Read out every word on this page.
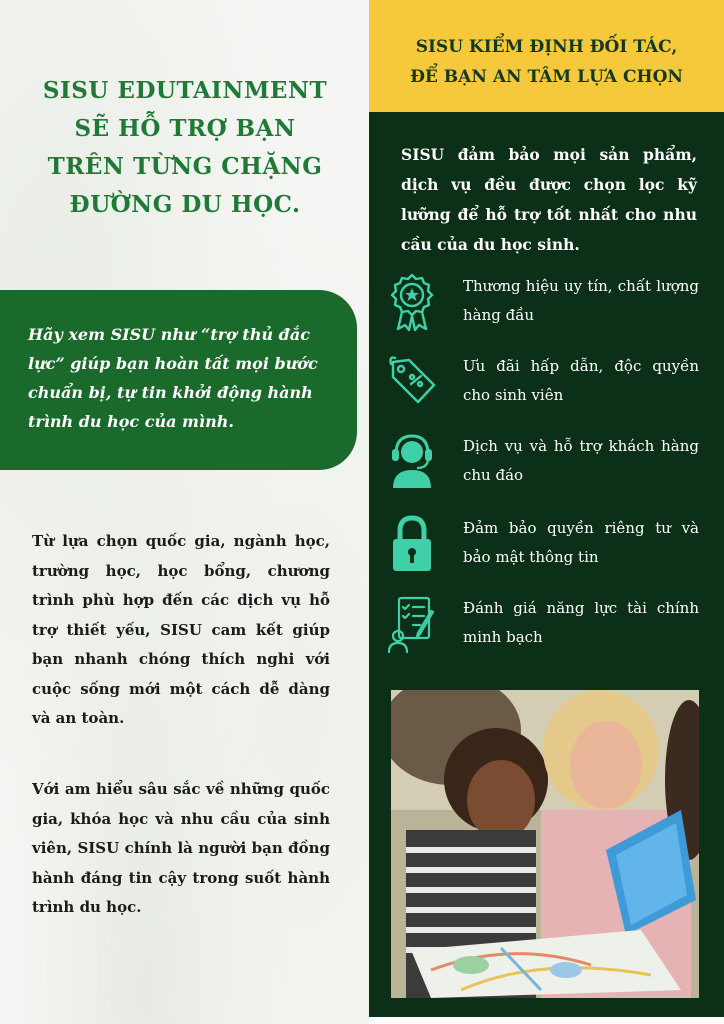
SISU EDUTAINMENT
SẼ HỖ TRỢ BẠN
TRÊN TỪNG CHẶNG
ĐƯỜNG DU HỌC.

Hãy xem SISU như “trợ thủ đắc lực” giúp bạn hoàn tất mọi bước chuẩn bị, tự tin khởi động hành trình du học của mình.

Từ lựa chọn quốc gia, ngành học, trường học, học bổng, chương trình phù hợp đến các dịch vụ hỗ trợ thiết yếu, SISU cam kết giúp bạn nhanh chóng thích nghi với cuộc sống mới một cách dễ dàng và an toàn.

Với am hiểu sâu sắc về những quốc gia, khóa học và nhu cầu của sinh viên, SISU chính là người bạn đồng hành đáng tin cậy trong suốt hành trình du học.

SISU KIỂM ĐỊNH ĐỐI TÁC,
ĐỂ BẠN AN TÂM LỰA CHỌN

SISU đảm bảo mọi sản phẩm, dịch vụ đều được chọn lọc kỹ lưỡng để hỗ trợ tốt nhất cho nhu cầu của du học sinh.

Thương hiệu uy tín, chất lượng hàng đầu

Ưu đãi hấp dẫn, độc quyền cho sinh viên

Dịch vụ và hỗ trợ khách hàng chu đáo

Đảm bảo quyền riêng tư và bảo mật thông tin

Đánh giá năng lực tài chính minh bạch
